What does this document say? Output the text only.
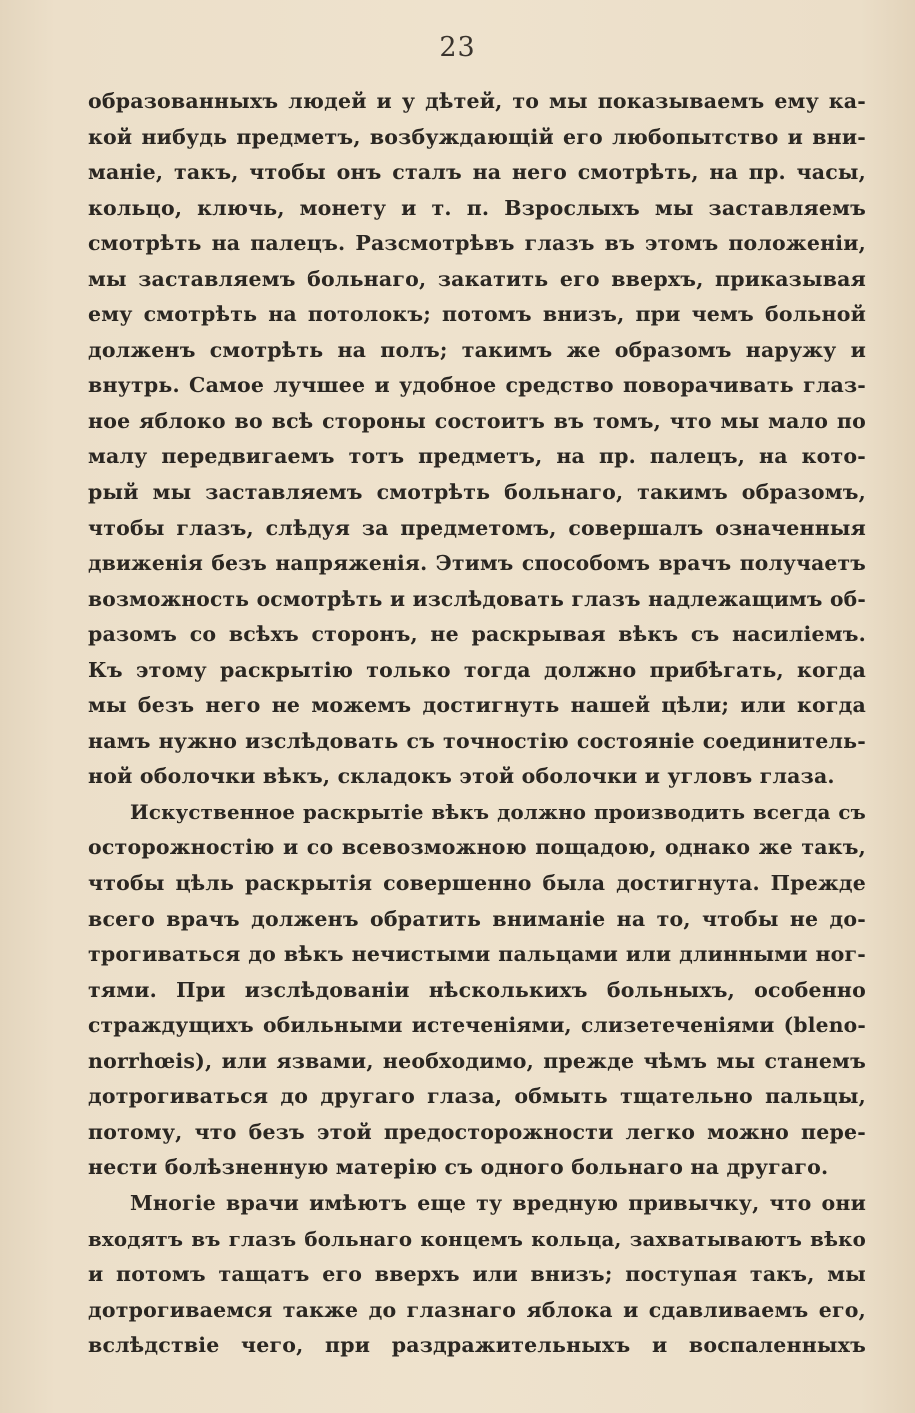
23
образованныхъ людей и у дѣтей, то мы показываемъ ему ка-
кой нибудь предметъ, возбуждающій его любопытство и вни-
маніе, такъ, чтобы онъ сталъ на него смотрѣть, на пр. часы,
кольцо, ключь, монету и т. п. Взрослыхъ мы заставляемъ
смотрѣть на палецъ. Разсмотрѣвъ глазъ въ этомъ положеніи,
мы заставляемъ больнаго, закатить его вверхъ, приказывая
ему смотрѣть на потолокъ; потомъ внизъ, при чемъ больной
долженъ смотрѣть на полъ; такимъ же образомъ наружу и
внутрь. Самое лучшее и удобное средство поворачивать глаз-
ное яблоко во всѣ стороны состоитъ въ томъ, что мы мало по
малу передвигаемъ тотъ предметъ, на пр. палецъ, на кото-
рый мы заставляемъ смотрѣть больнаго, такимъ образомъ,
чтобы глазъ, слѣдуя за предметомъ, совершалъ означенныя
движенія безъ напряженія. Этимъ способомъ врачъ получаетъ
возможность осмотрѣть и изслѣдовать глазъ надлежащимъ об-
разомъ со всѣхъ сторонъ, не раскрывая вѣкъ съ насиліемъ.
Къ этому раскрытію только тогда должно прибѣгать, когда
мы безъ него не можемъ достигнуть нашей цѣли; или когда
намъ нужно изслѣдовать съ точностію состояніе соединитель-
ной оболочки вѣкъ, складокъ этой оболочки и угловъ глаза.
Искуственное раскрытіе вѣкъ должно производить всегда съ
осторожностію и со всевозможною пощадою, однако же такъ,
чтобы цѣль раскрытія совершенно была достигнута. Прежде
всего врачъ долженъ обратить вниманіе на то, чтобы не до-
трогиваться до вѣкъ нечистыми пальцами или длинными ног-
тями. При изслѣдованіи нѣсколькихъ больныхъ, особенно
страждущихъ обильными истеченіями, слизетеченіями (bleno-
norrhœis), или язвами, необходимо, прежде чѣмъ мы станемъ
дотрогиваться до другаго глаза, обмыть тщательно пальцы,
потому, что безъ этой предосторожности легко можно пере-
нести болѣзненную матерію съ одного больнаго на другаго.
Многіе врачи имѣютъ еще ту вредную привычку, что они
входятъ въ глазъ больнаго концемъ кольца, захватываютъ вѣко
и потомъ тащатъ его вверхъ или внизъ; поступая такъ, мы
дотрогиваемся также до глазнаго яблока и сдавливаемъ его,
вслѣдствіе чего, при раздражительныхъ и воспаленныхъ
